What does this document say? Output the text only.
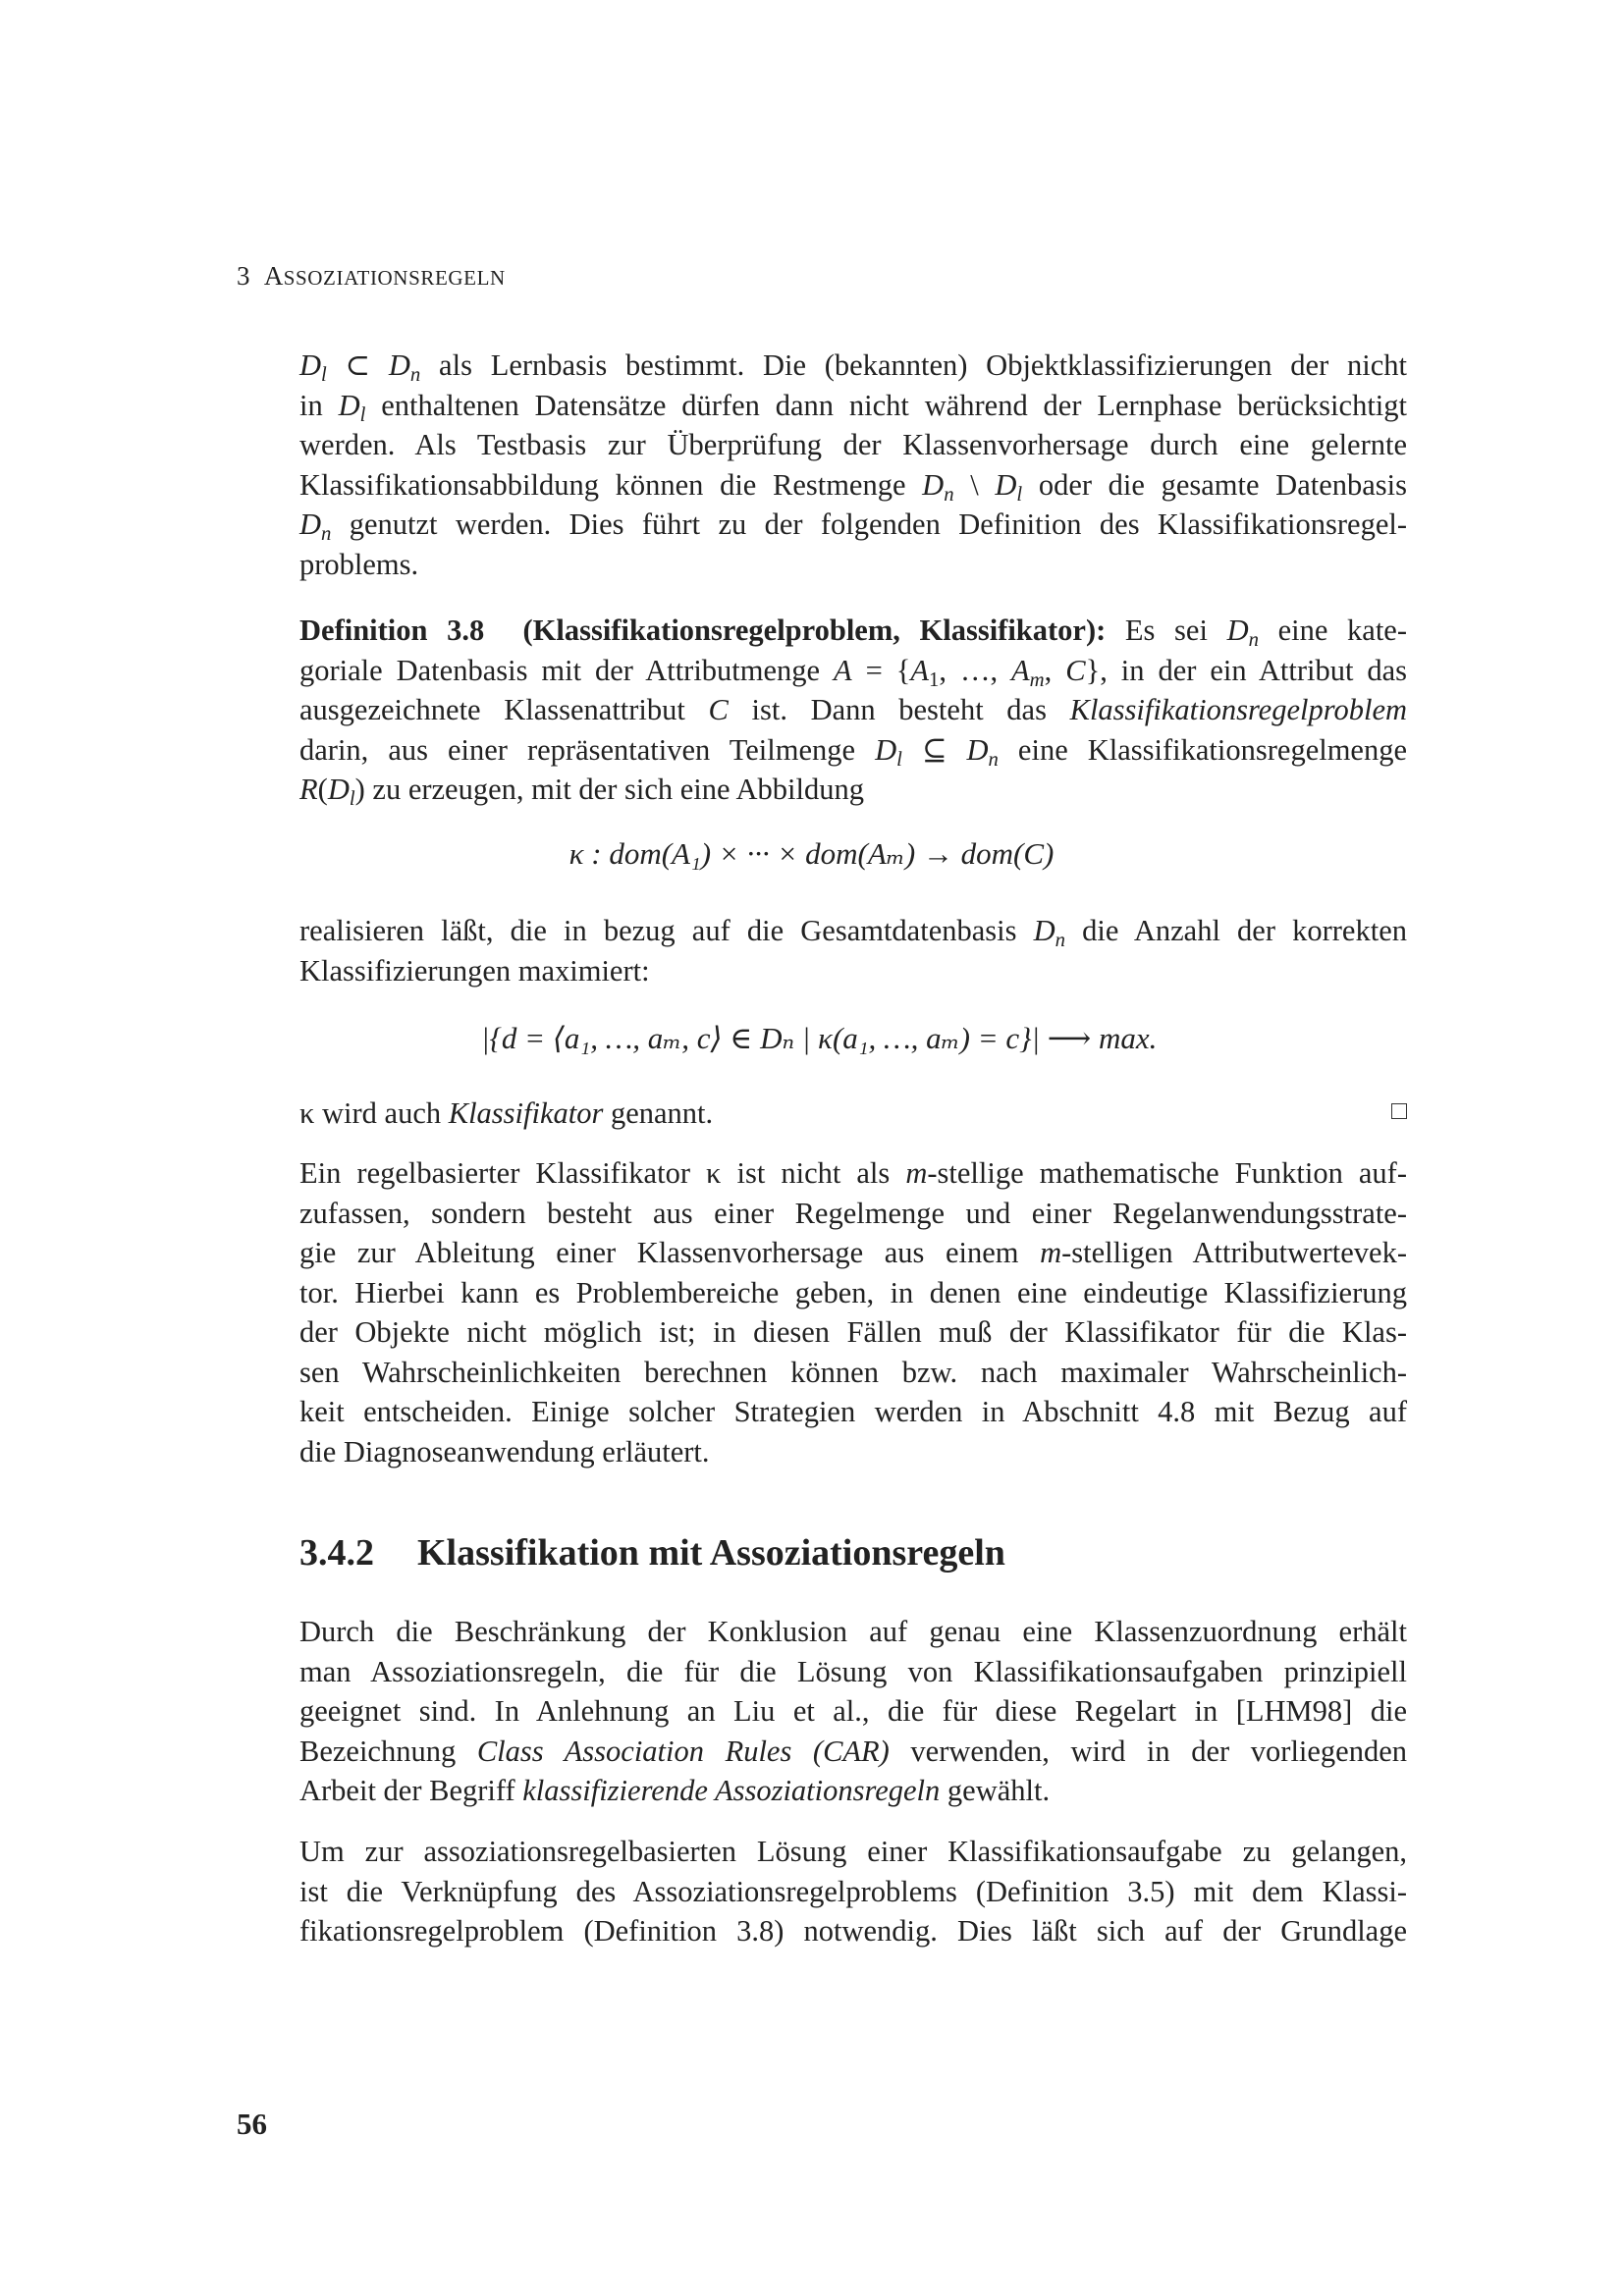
3 ASSOZIATIONSREGELN

$D_l$ ⊂ $D_n$ als Lernbasis bestimmt. Die (bekannten) Objektklassifizierungen der nicht
in $D_l$ enthaltenen Datensätze dürfen dann nicht während der Lernphase berücksichtigt
werden. Als Testbasis zur Überprüfung der Klassenvorhersage durch eine gelernte
Klassifikationsabbildung können die Restmenge $D_n$ \ $D_l$ oder die gesamte Datenbasis
$D_n$ genutzt werden. Dies führt zu der folgenden Definition des Klassifikationsregel-
problems.

Definition 3.8 (Klassifikationsregelproblem, Klassifikator): Es sei $D_n$ eine kate-
goriale Datenbasis mit der Attributmenge $A = \{A_1$, …, $A_m$, C}, in der ein Attribut das
ausgezeichnete Klassenattribut C ist. Dann besteht das Klassifikationsregelproblem
darin, aus einer repräsentativen Teilmenge $D_l$ ⊆ $D_n$ eine Klassifikationsregelmenge
$R(D_l)$ zu erzeugen, mit der sich eine Abbildung

κ : dom(A₁) × ··· × dom(Aₘ) → dom(C)

realisieren läßt, die in bezug auf die Gesamtdatenbasis $D_n$ die Anzahl der korrekten
Klassifizierungen maximiert:

|{d = ⟨a₁, …, aₘ, c⟩ ∈ Dₙ | κ(a₁, …, aₘ) = c}| ⟶ max.
κ wird auch Klassifikator genannt.

Ein regelbasierter Klassifikator κ ist nicht als m-stellige mathematische Funktion auf-
zufassen, sondern besteht aus einer Regelmenge und einer Regelanwendungsstrate-
gie zur Ableitung einer Klassenvorhersage aus einem m-stelligen Attributwertevek-
tor. Hierbei kann es Problembereiche geben, in denen eine eindeutige Klassifizierung
der Objekte nicht möglich ist; in diesen Fällen muß der Klassifikator für die Klas-
sen Wahrscheinlichkeiten berechnen können bzw. nach maximaler Wahrscheinlich-
keit entscheiden. Einige solcher Strategien werden in Abschnitt 4.8 mit Bezug auf
die Diagnoseanwendung erläutert.

3.4.2 Klassifikation mit Assoziationsregeln

Durch die Beschränkung der Konklusion auf genau eine Klassenzuordnung erhält
man Assoziationsregeln, die für die Lösung von Klassifikationsaufgaben prinzipiell
geeignet sind. In Anlehnung an Liu et al., die für diese Regelart in [LHM98] die
Bezeichnung Class Association Rules (CAR) verwenden, wird in der vorliegenden
Arbeit der Begriff klassifizierende Assoziationsregeln gewählt.

Um zur assoziationsregelbasierten Lösung einer Klassifikationsaufgabe zu gelangen,
ist die Verknüpfung des Assoziationsregelproblems (Definition 3.5) mit dem Klassi-
fikationsregelproblem (Definition 3.8) notwendig. Dies läßt sich auf der Grundlage

56
